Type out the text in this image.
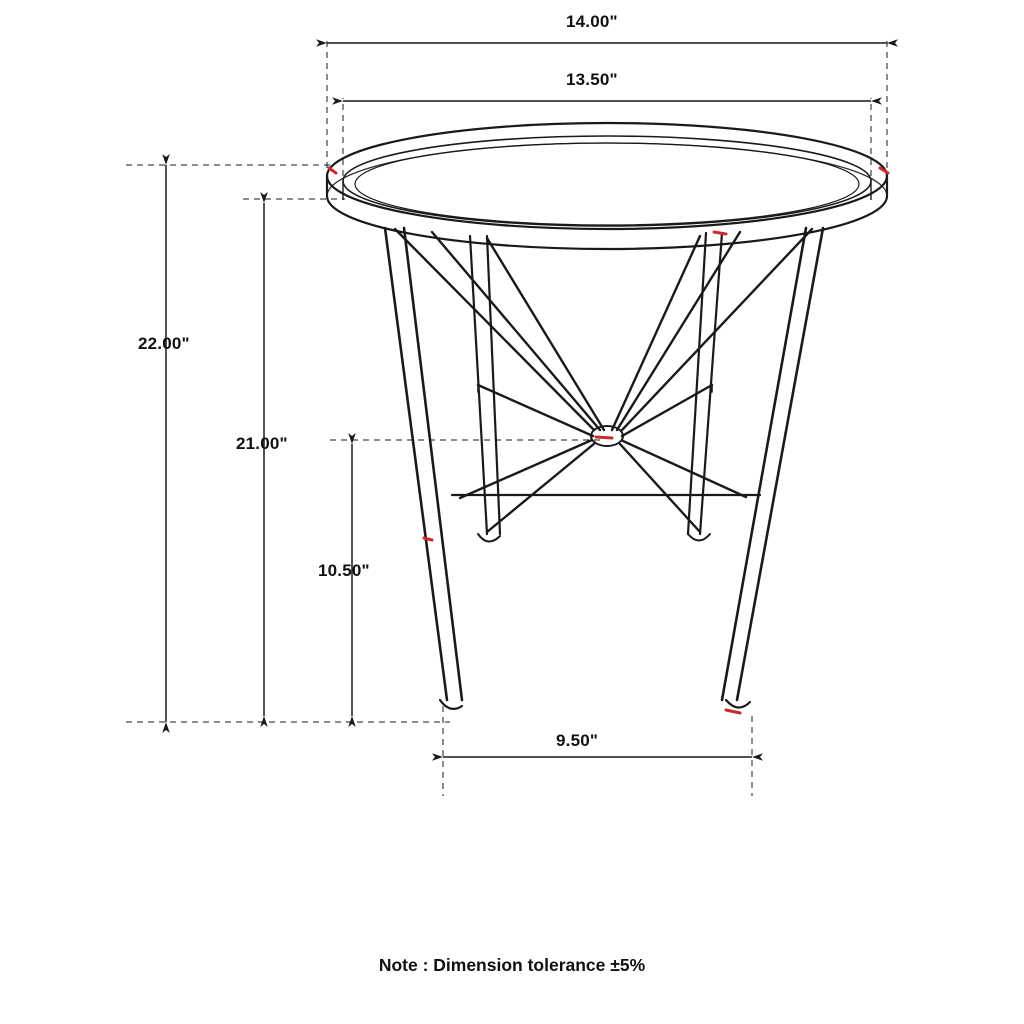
14.00"
13.50"
22.00"
21.00"
10.50"
9.50"
Note : Dimension tolerance ±5%
